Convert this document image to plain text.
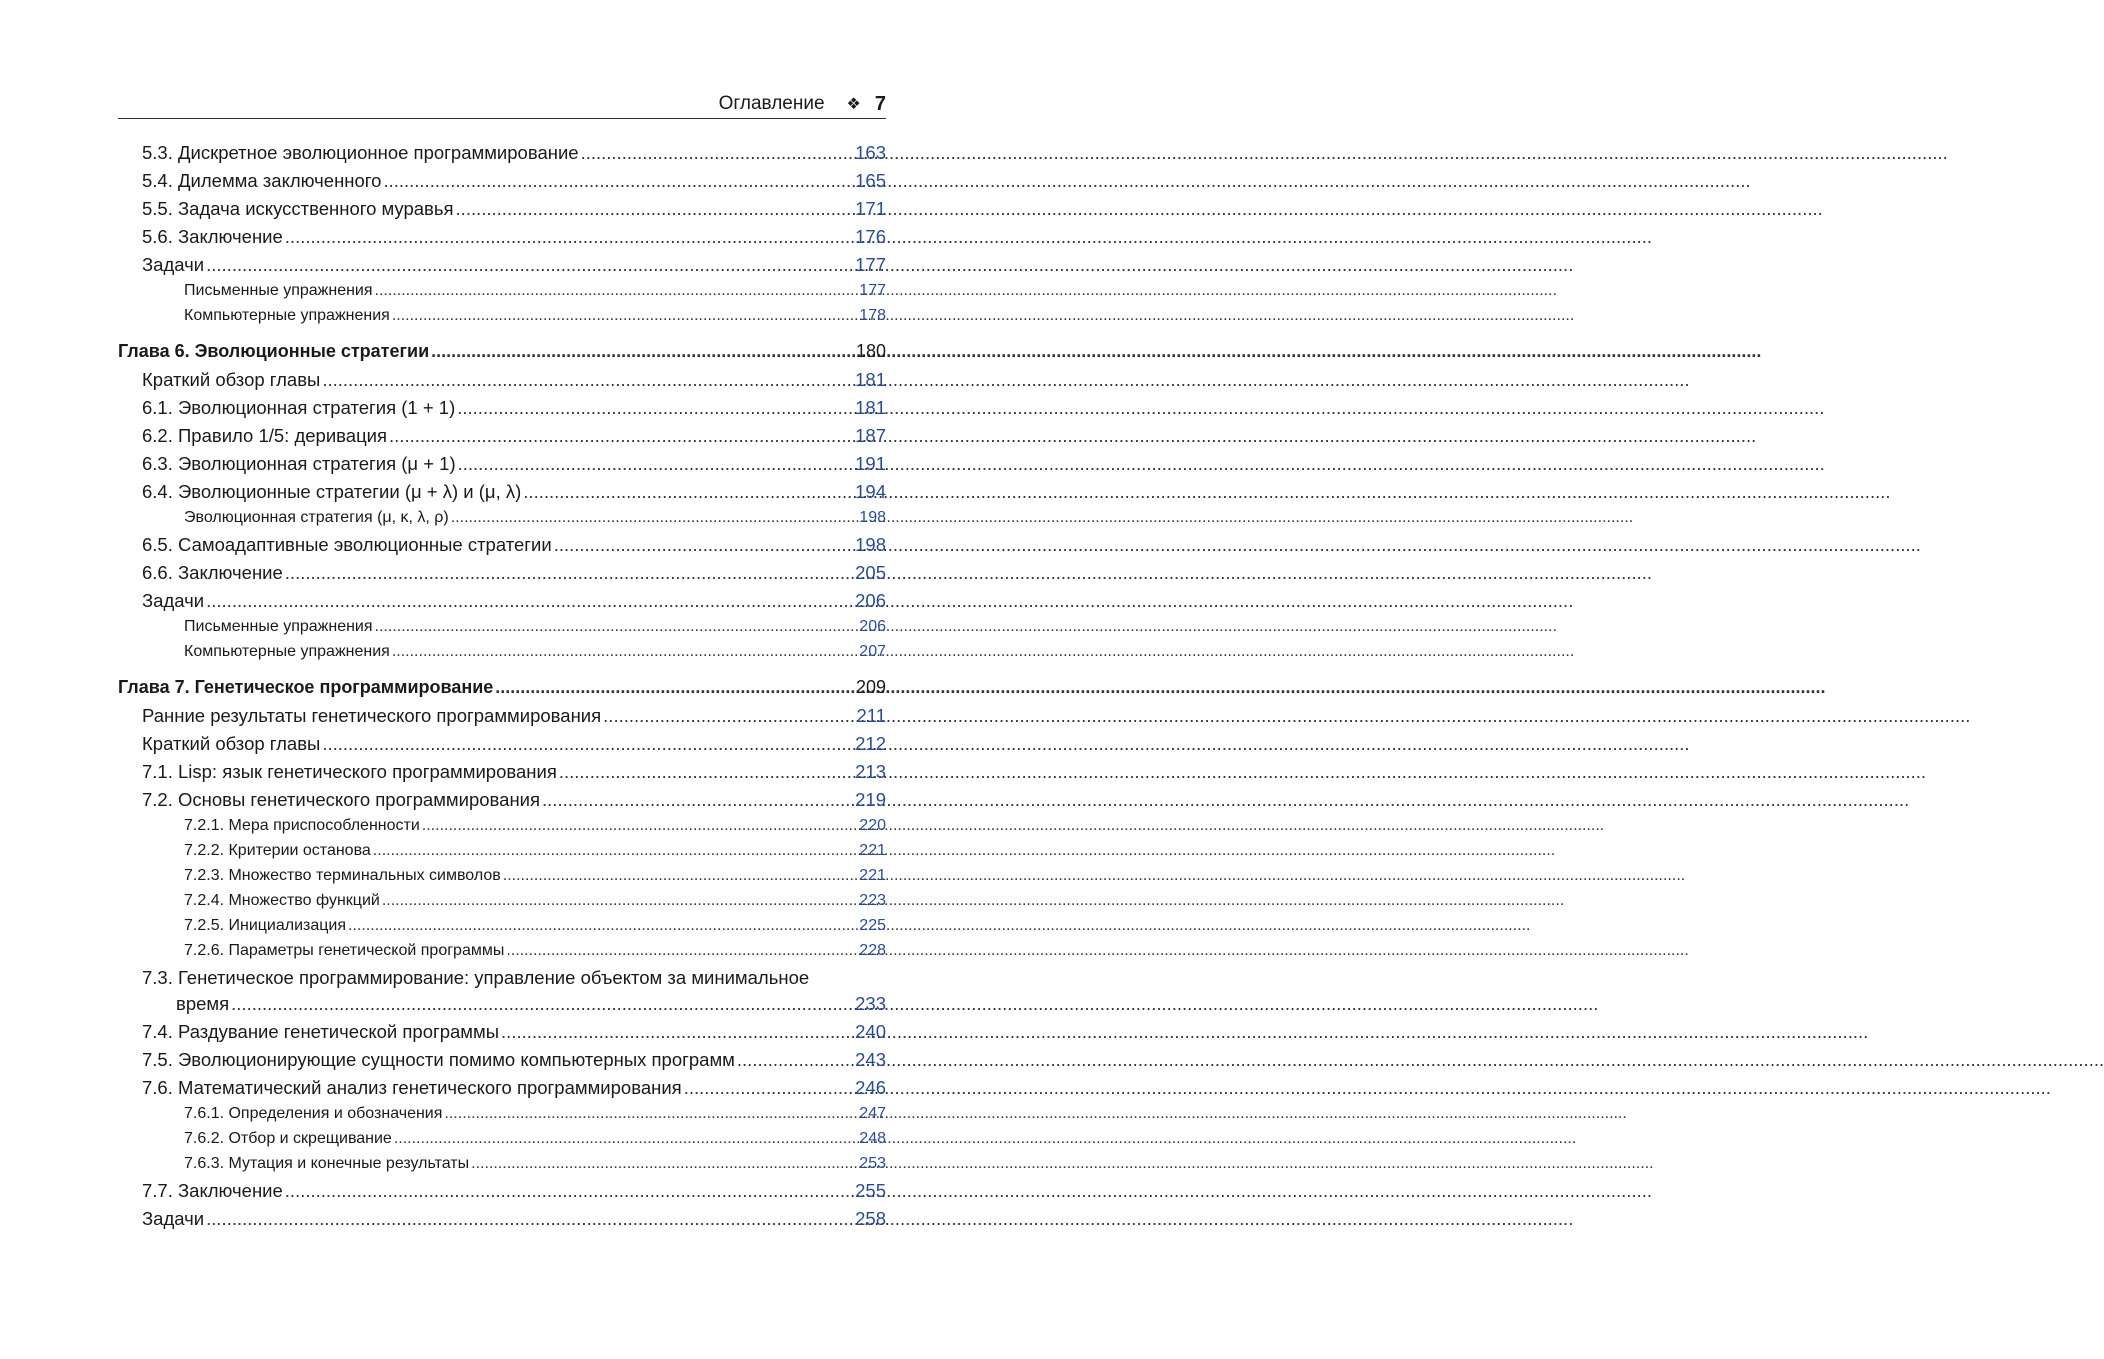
Оглавление ❖ 7
5.3. Дискретное эволюционное программирование .....	163
5.4. Дилемма заключенного .....	165
5.5. Задача искусственного муравья .....	171
5.6. Заключение .....	176
Задачи .....	177
Письменные упражнения .....	177
Компьютерные упражнения .....	178
Глава 6. Эволюционные стратегии .....	180
Краткий обзор главы .....	181
6.1. Эволюционная стратегия (1 + 1) .....	181
6.2. Правило 1/5: деривация .....	187
6.3. Эволюционная стратегия (μ + 1) .....	191
6.4. Эволюционные стратегии (μ + λ) и (μ, λ) .....	194
Эволюционная стратегия (μ, κ, λ, ρ) .....	198
6.5. Самоадаптивные эволюционные стратегии .....	198
6.6. Заключение .....	205
Задачи .....	206
Письменные упражнения .....	206
Компьютерные упражнения .....	207
Глава 7. Генетическое программирование .....	209
Ранние результаты генетического программирования .....	211
Краткий обзор главы .....	212
7.1. Lisp: язык генетического программирования .....	213
7.2. Основы генетического программирования .....	219
7.2.1. Мера приспособленности .....	220
7.2.2. Критерии останова .....	221
7.2.3. Множество терминальных символов .....	221
7.2.4. Множество функций .....	223
7.2.5. Инициализация .....	225
7.2.6. Параметры генетической программы .....	228
7.3. Генетическое программирование: управление объектом за минимальное
время .....	233
7.4. Раздувание генетической программы .....	240
7.5. Эволюционирующие сущности помимо компьютерных программ .....	243
7.6. Математический анализ генетического программирования .....	246
7.6.1. Определения и обозначения .....	247
7.6.2. Отбор и скрещивание .....	248
7.6.3. Мутация и конечные результаты .....	253
7.7. Заключение .....	255
Задачи .....	258
